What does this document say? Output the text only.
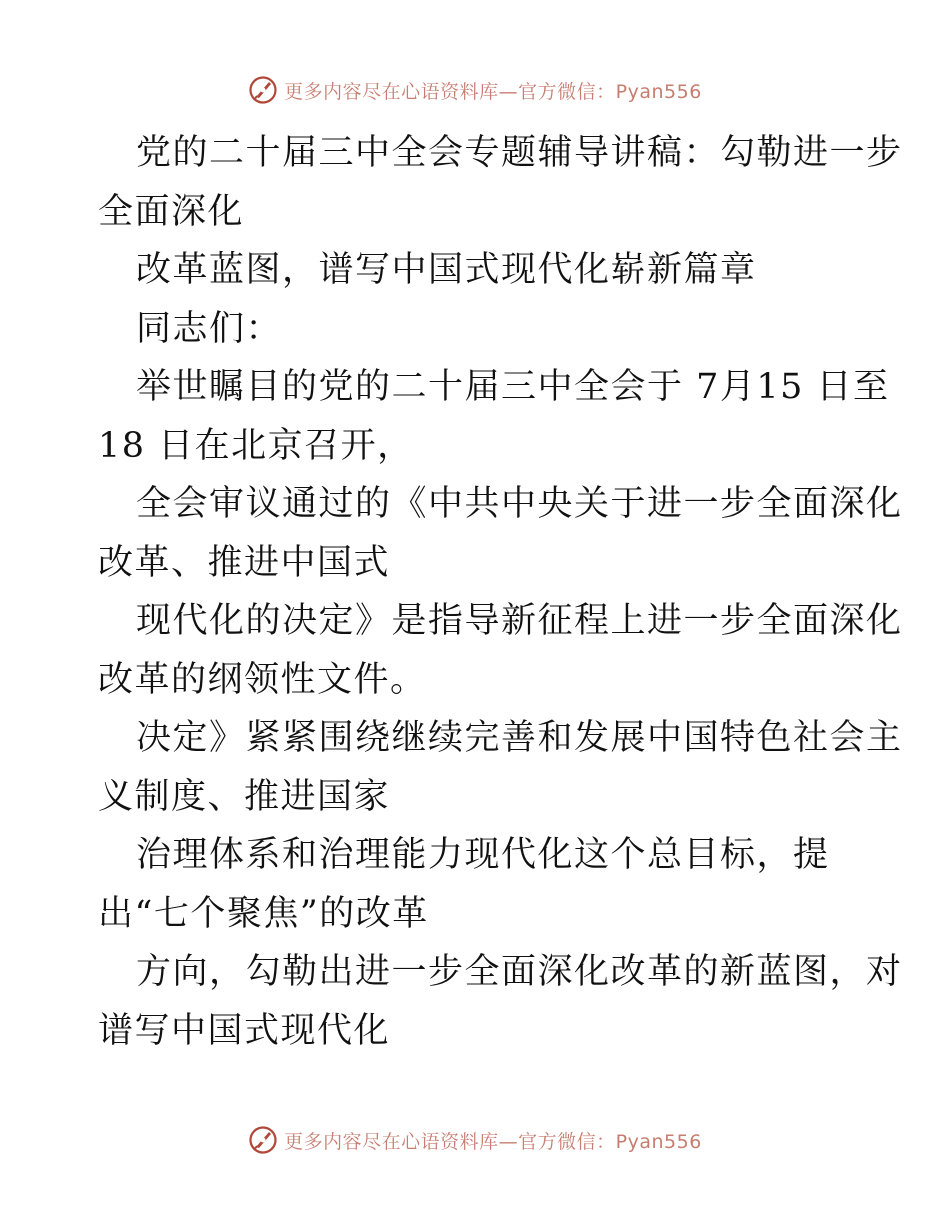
更多内容尽在心语资料库—官方微信：Pyan556
党的二十届三中全会专题辅导讲稿：勾勒进一步
全面深化
改革蓝图，谱写中国式现代化崭新篇章
同志们：
举世瞩目的党的二十届三中全会于 7月15 日至
18 日在北京召开，
全会审议通过的《中共中央关于进一步全面深化
改革、推进中国式
现代化的决定》是指导新征程上进一步全面深化
改革的纲领性文件。
决定》紧紧围绕继续完善和发展中国特色社会主
义制度、推进国家
治理体系和治理能力现代化这个总目标，提
出“七个聚焦”的改革
方向，勾勒出进一步全面深化改革的新蓝图，对
谱写中国式现代化
更多内容尽在心语资料库—官方微信：Pyan556
